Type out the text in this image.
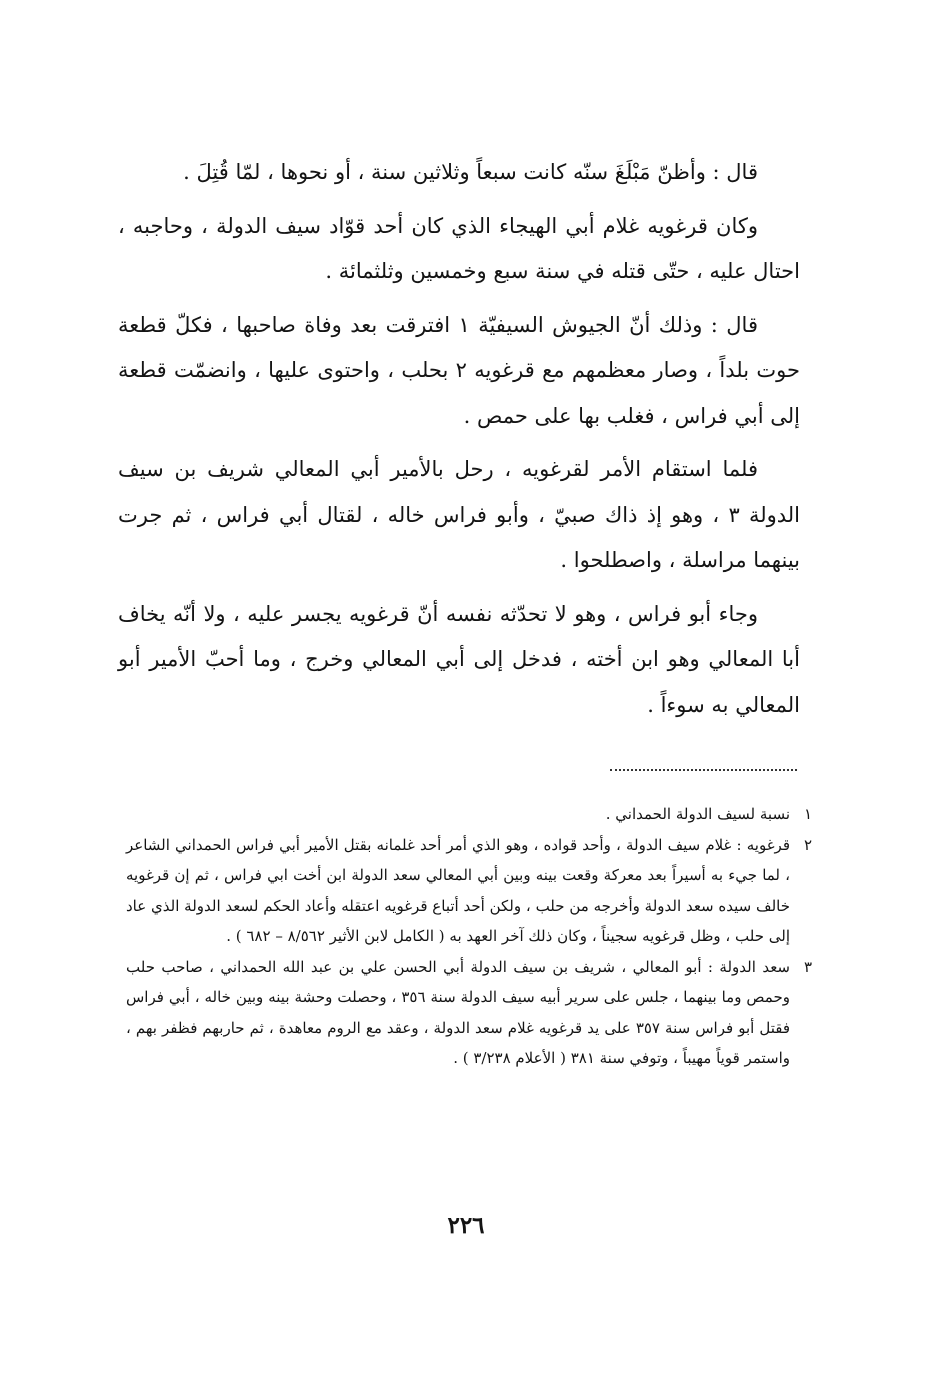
قال : وأظنّ مَبْلَغَ سنّه كانت سبعاً وثلاثين سنة ، أو نحوها ، لمّا قُتِلَ .

وكان قرغويه غلام أبي الهيجاء الذي كان أحد قوّاد سيف الدولة ، وحاجبه ، احتال عليه ، حتّى قتله في سنة سبع وخمسين وثلثمائة .

قال : وذلك أنّ الجيوش السيفيّة ١ افترقت بعد وفاة صاحبها ، فكلّ قطعة حوت بلداً ، وصار معظمهم مع قرغويه ٢ بحلب ، واحتوى عليها ، وانضمّت قطعة إلى أبي فراس ، فغلب بها على حمص .

فلما استقام الأمر لقرغويه ، رحل بالأمير أبي المعالي شريف بن سيف الدولة ٣ ، وهو إذ ذاك صبيّ ، وأبو فراس خاله ، لقتال أبي فراس ، ثم جرت بينهما مراسلة ، واصطلحوا .

وجاء أبو فراس ، وهو لا تحدّثه نفسه أنّ قرغويه يجسر عليه ، ولا أنّه يخاف أبا المعالي وهو ابن أخته ، فدخل إلى أبي المعالي وخرج ، وما أحبّ الأمير أبو المعالي به سوءاً .

١
نسبة لسيف الدولة الحمداني .
٢
قرغويه : غلام سيف الدولة ، وأحد قواده ، وهو الذي أمر أحد غلمانه بقتل الأمير أبي فراس الحمداني الشاعر ، لما جيء به أسيراً بعد معركة وقعت بينه وبين أبي المعالي سعد الدولة ابن أخت ابي فراس ، ثم إن قرغويه خالف سيده سعد الدولة وأخرجه من حلب ، ولكن أحد أتباع قرغويه اعتقله وأعاد الحكم لسعد الدولة الذي عاد إلى حلب ، وظل قرغويه سجيناً ، وكان ذلك آخر العهد به ( الكامل لابن الأثير ٨/٥٦٢ – ٦٨٢ ) .
٣
سعد الدولة : أبو المعالي ، شريف بن سيف الدولة أبي الحسن علي بن عبد الله الحمداني ، صاحب حلب وحمص وما بينهما ، جلس على سرير أبيه سيف الدولة سنة ٣٥٦ ، وحصلت وحشة بينه وبين خاله ، أبي فراس فقتل أبو فراس سنة ٣٥٧ على يد قرغويه غلام سعد الدولة ، وعقد مع الروم معاهدة ، ثم حاربهم فظفر بهم ، واستمر قوياً مهيباً ، وتوفي سنة ٣٨١ ( الأعلام ٣/٢٣٨ ) .
٢٢٦
